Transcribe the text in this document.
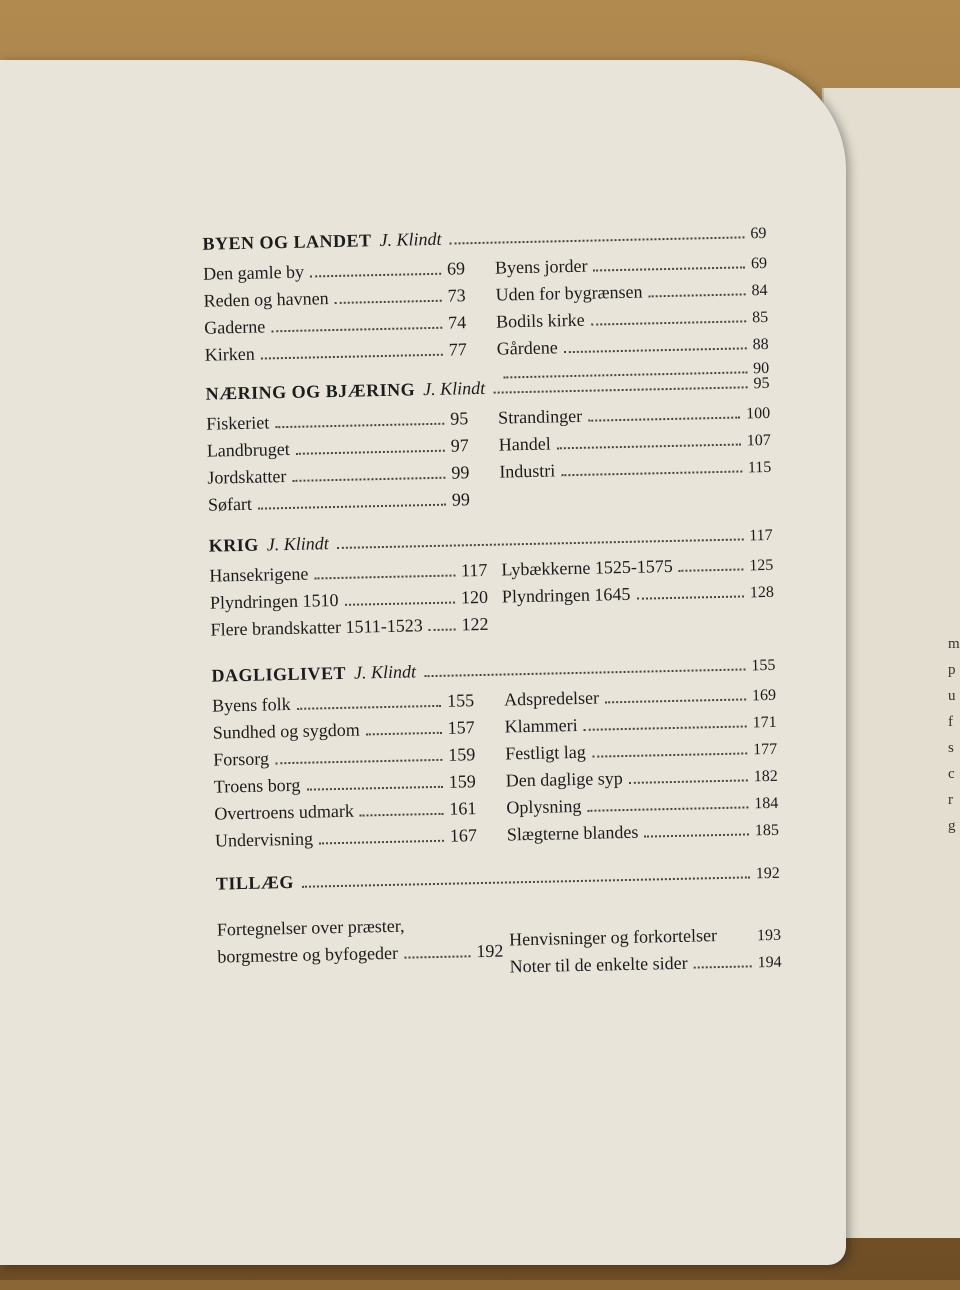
m
p
u
f
s
c
r
g
BYEN OG LANDET J. Klindt	69
Den gamle by	69
Reden og havnen	73
Gaderne	74
Kirken	77
Byens jorder	69
Uden for bygrænsen	84
Bodils kirke	85
Gårdene	88
90
NÆRING OG BJÆRING J. Klindt	95
Fiskeriet	95
Landbruget	97
Jordskatter	99
Søfart	99
Strandinger	100
Handel	107
Industri	115
KRIG J. Klindt	117
Hansekrigene	117
Plyndringen 1510	120
Flere brandskatter 1511-1523 122
Lybækkerne 1525-1575	125
Plyndringen 1645	128
DAGLIGLIVET J. Klindt	155
Byens folk	155
Sundhed og sygdom	157
Forsorg	159
Troens borg	159
Overtroens udmark	161
Undervisning	167
Adspredelser	169
Klammeri	171
Festligt lag	177
Den daglige syp	182
Oplysning	184
Slægterne blandes	185
TILLÆG	192
Fortegnelser over præster,
borgmestre og byfogeder	192
Henvisninger og forkortelser 193
Noter til de enkelte sider	194
